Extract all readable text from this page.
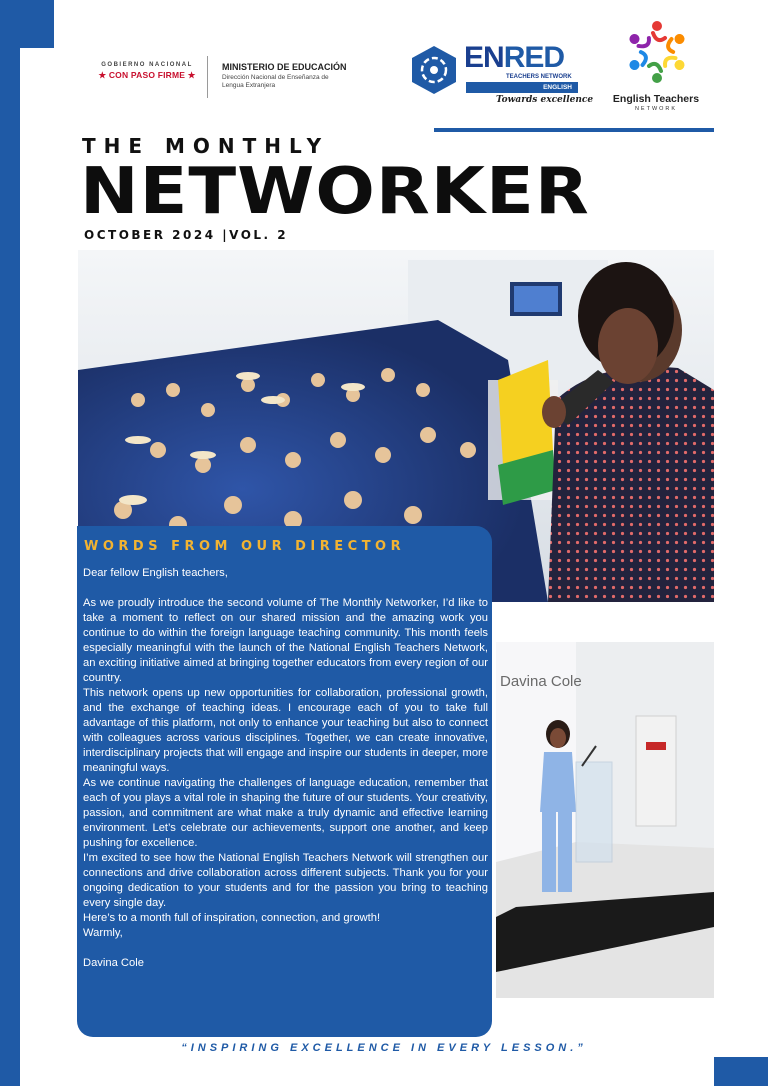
GOBIERNO NACIONAL
★ CON PASO FIRME ★
MINISTERIO DE EDUCACIÓN
Dirección Nacional de Enseñanza de
Lengua Extranjera
ENRED
TEACHERS NETWORK
ENGLISH
Towards excellence	English Teachers
NETWORK
THE MONTHLY
NETWORKER
OCTOBER 2024 |VOL. 2
Davina Cole
WORDS FROM OUR DIRECTOR

Dear fellow English teachers,

As we proudly introduce the second volume of The Monthly Networker, I’d like to take a moment to reflect on our shared mission and the amazing work you continue to do within the foreign language teaching community. This month feels especially meaningful with the launch of the National English Teachers Network, an exciting initiative aimed at bringing together educators from every region of our country.

This network opens up new opportunities for collaboration, professional growth, and the exchange of teaching ideas. I encourage each of you to take full advantage of this platform, not only to enhance your teaching but also to connect with colleagues across various disciplines. Together, we can create innovative, interdisciplinary projects that will engage and inspire our students in deeper, more meaningful ways.

As we continue navigating the challenges of language education, remember that each of you plays a vital role in shaping the future of our students. Your creativity, passion, and commitment are what make a truly dynamic and effective learning environment. Let’s celebrate our achievements, support one another, and keep pushing for excellence.

I’m excited to see how the National English Teachers Network will strengthen our connections and drive collaboration across different subjects. Thank you for your ongoing dedication to your students and for the passion you bring to teaching every single day.

Here’s to a month full of inspiration, connection, and growth!

Warmly,

Davina Cole

“INSPIRING EXCELLENCE IN EVERY LESSON.”
